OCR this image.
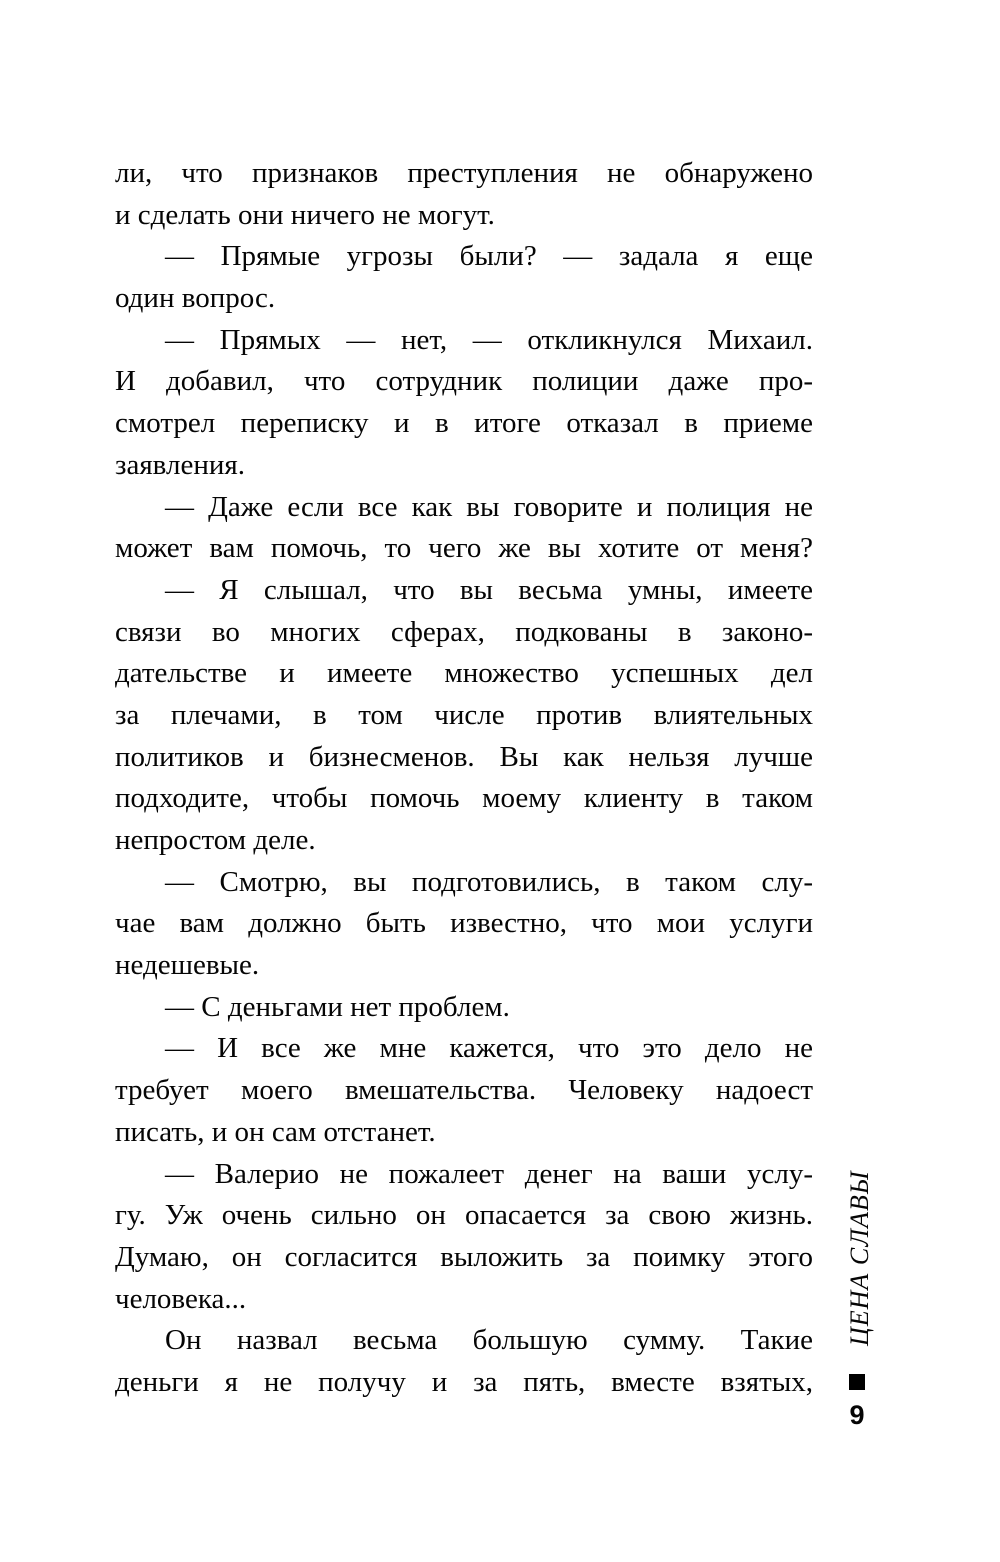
ли, что признаков преступления не обнаружено
и сделать они ничего не могут.
— Прямые угрозы были? — задала я еще
один вопрос.
— Прямых — нет, — откликнулся Михаил.
И добавил, что сотрудник полиции даже про-
смотрел переписку и в итоге отказал в приеме
заявления.
— Даже если все как вы говорите и полиция не
может вам помочь, то чего же вы хотите от меня?
— Я слышал, что вы весьма умны, имеете
связи во многих сферах, подкованы в законо-
дательстве и имеете множество успешных дел
за плечами, в том числе против влиятельных
политиков и бизнесменов. Вы как нельзя лучше
подходите, чтобы помочь моему клиенту в таком
непростом деле.
— Смотрю, вы подготовились, в таком слу-
чае вам должно быть известно, что мои услуги
недешевые.
— С деньгами нет проблем.
— И все же мне кажется, что это дело не
требует моего вмешательства. Человеку надоест
писать, и он сам отстанет.
— Валерио не пожалеет денег на ваши услу-
гу. Уж очень сильно он опасается за свою жизнь.
Думаю, он согласится выложить за поимку этого
человека...
Он назвал весьма большую сумму. Такие
деньги я не получу и за пять, вместе взятых,
ЦЕНА СЛАВЫ
9
